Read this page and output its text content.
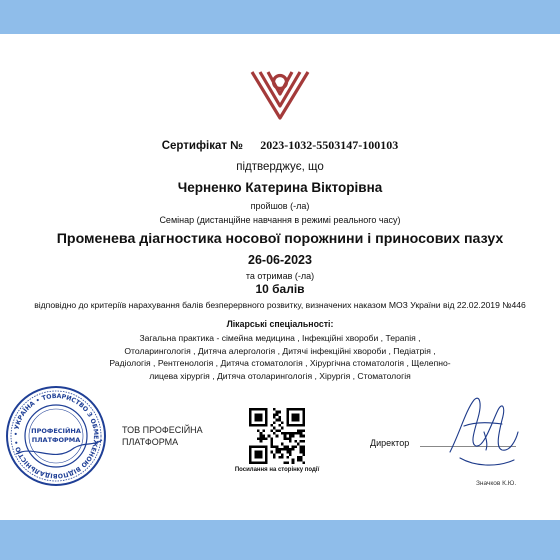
Сертифікат № 2023-1032-5503147-100103
підтверджує, що
Черненко Катерина Вікторівна
пройшов (-ла)
Семінар (дистанційне навчання в режимі реального часу)
Променева діагностика носової порожнини і приносових пазух
26-06-2023
та отримав (-ла)
10 балів
відповідно до критеріїв нарахування балів безперервного розвитку, визначених наказом МОЗ України від 22.02.2019 №446
Лікарські спеціальності:
Загальна практика - сімейна медицина , Інфекційні хвороби , Терапія ,
Отоларингологія , Дитяча алергологія , Дитячі інфекційні хвороби , Педіатрія ,
Радіологія , Рентгенологія , Дитяча стоматологія , Хірургічна стоматологія , Щелепно-
лицева хірургія , Дитяча отоларингологія , Хірургія , Стоматологія
• УКРАЇНА • ТОВАРИСТВО З ОБМЕЖЕНОЮ ВІДПОВІДАЛЬНІСТЮ •
ПРОФЕСІЙНА
ПЛАТФОРМА
ТОВ ПРОФЕСІЙНА
ПЛАТФОРМА
Посилання на сторінку події
Директор
Значков К.Ю.
